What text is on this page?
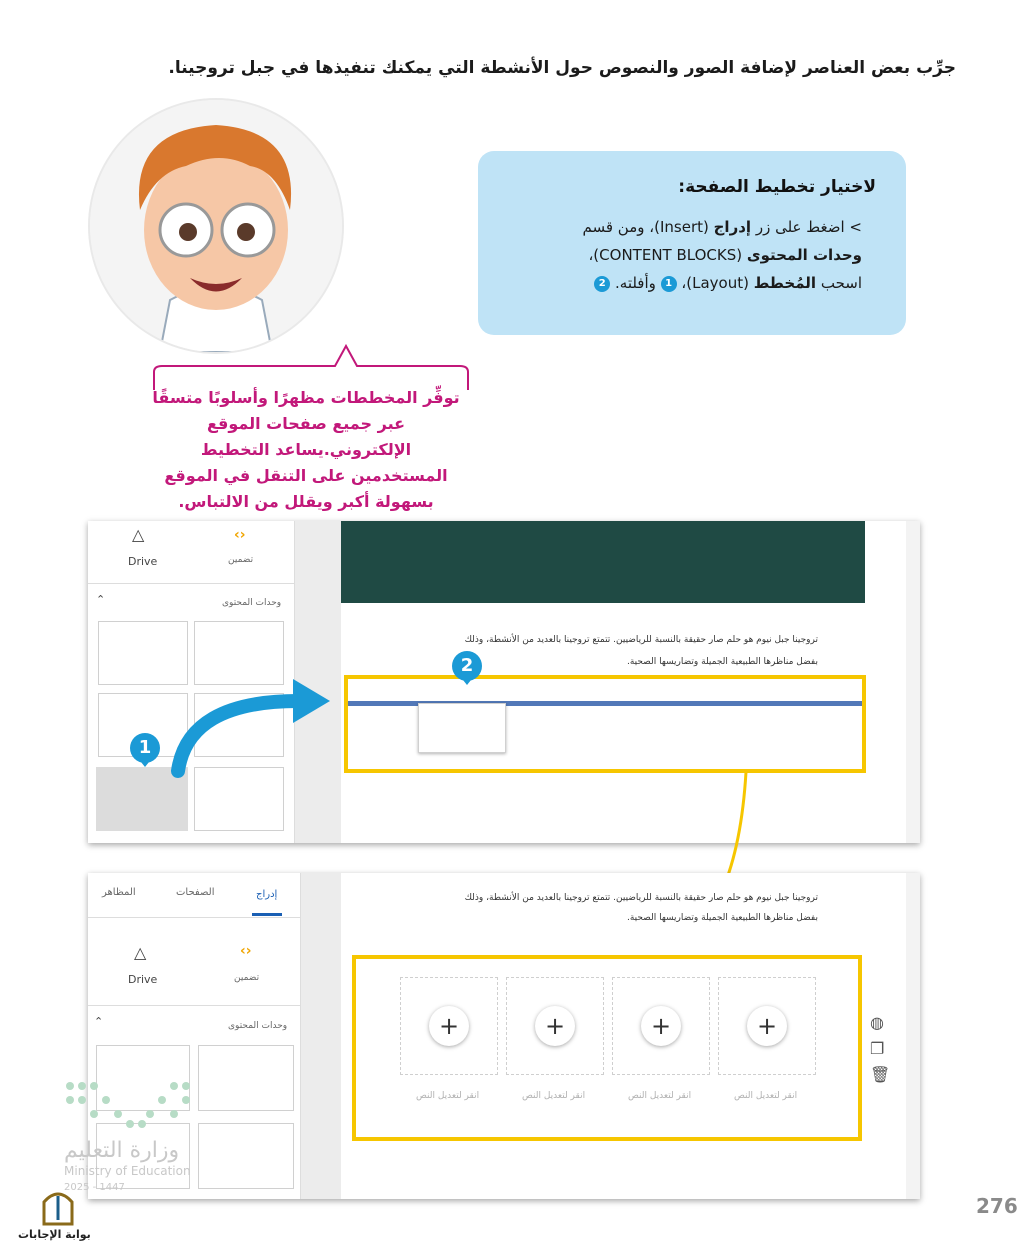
جرِّب بعض العناصر لإضافة الصور والنصوص حول الأنشطة التي يمكنك تنفيذها في جبل تروجينا.
لاختيار تخطيط الصفحة:
> اضغط على زر إدراج (Insert)، ومن قسم
وحدات المحتوى (CONTENT BLOCKS)،
اسحب المُخطط (Layout)، 1 وأفلته. 2
توفِّر المخططات مظهرًا وأسلوبًا متسقًا عبر جميع صفحات الموقع الإلكتروني.يساعد التخطيط المستخدمين على التنقل في الموقع بسهولة أكبر ويقلل من الالتباس.
‹›
تضمين
△
Drive
⌃	وحدات المحتوى
تروجينا جبل نيوم هو حلم صار حقيقة بالنسبة للرياضيين. تتمتع تروجينا بالعديد من الأنشطة، وذلك
بفضل مناظرها الطبيعية الجميلة وتضاريسها الصحية.
2
1
إدراج
الصفحات
المظاهر
‹›
تضمين
△
Drive
⌃	وحدات المحتوى
تروجينا جبل نيوم هو حلم صار حقيقة بالنسبة للرياضيين. تتمتع تروجينا بالعديد من الأنشطة، وذلك
بفضل مناظرها الطبيعية الجميلة وتضاريسها الصحية.
+	+	+	+
انقر لتعديل النص	انقر لتعديل النص	انقر لتعديل النص	انقر لتعديل النص
◍
❐
🗑
وزارة التعليم
Ministry of Education
2025 - 1447
بوابة الإجابات
276
